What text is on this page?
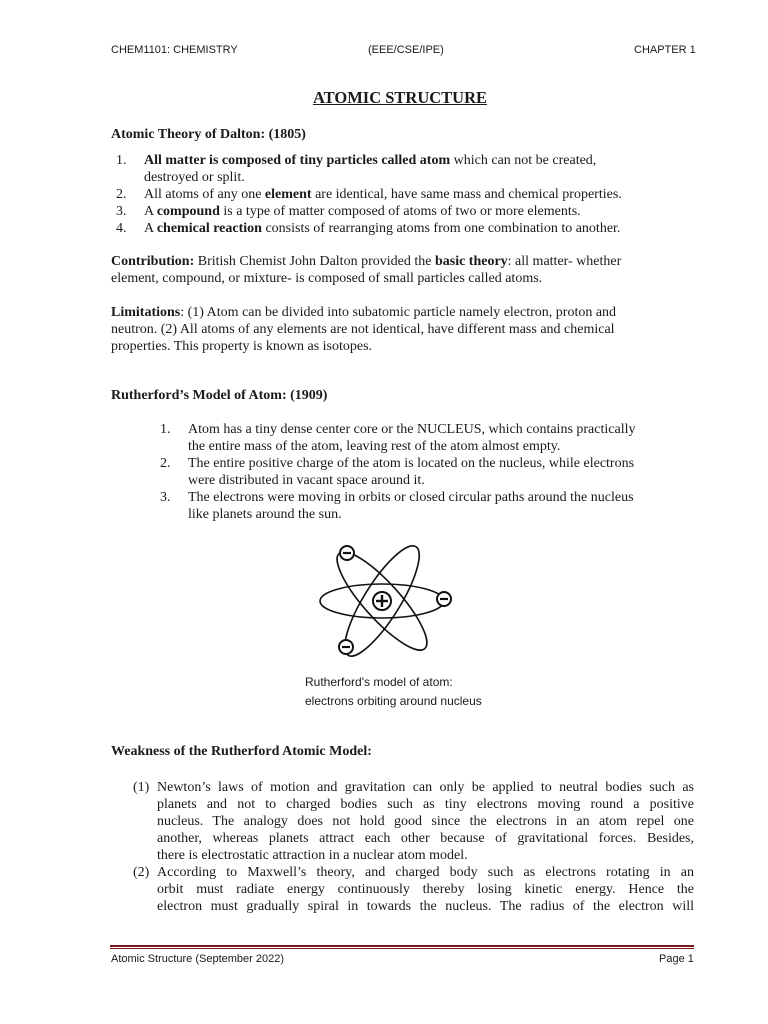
CHEM1101: CHEMISTRY	(EEE/CSE/IPE)	CHAPTER 1
ATOMIC STRUCTURE
Atomic Theory of Dalton: (1805)
1. All matter is composed of tiny particles called atom which can not be created,
destroyed or split.
2. All atoms of any one element are identical, have same mass and chemical properties.
3. A compound is a type of matter composed of atoms of two or more elements.
4. A chemical reaction consists of rearranging atoms from one combination to another.
Contribution: British Chemist John Dalton provided the basic theory: all matter- whether
element, compound, or mixture- is composed of small particles called atoms.
Limitations: (1) Atom can be divided into subatomic particle namely electron, proton and
neutron. (2) All atoms of any elements are not identical, have different mass and chemical
properties. This property is known as isotopes.
Rutherford’s Model of Atom: (1909)
1. Atom has a tiny dense center core or the NUCLEUS, which contains practically
the entire mass of the atom, leaving rest of the atom almost empty.
2. The entire positive charge of the atom is located on the nucleus, while electrons
were distributed in vacant space around it.
3. The electrons were moving in orbits or closed circular paths around the nucleus
like planets around the sun.
Rutherford's model of atom:
electrons orbiting around nucleus
Weakness of the Rutherford Atomic Model:
(1) Newton’s laws of motion and gravitation can only be applied to neutral bodies such as
planets and not to charged bodies such as tiny electrons moving round a positive
nucleus. The analogy does not hold good since the electrons in an atom repel one
another, whereas planets attract each other because of gravitational forces. Besides,
there is electrostatic attraction in a nuclear atom model.
(2) According to Maxwell’s theory, and charged body such as electrons rotating in an
orbit must radiate energy continuously thereby losing kinetic energy. Hence the
electron must gradually spiral in towards the nucleus. The radius of the electron will
Atomic Structure (September 2022)	Page 1
